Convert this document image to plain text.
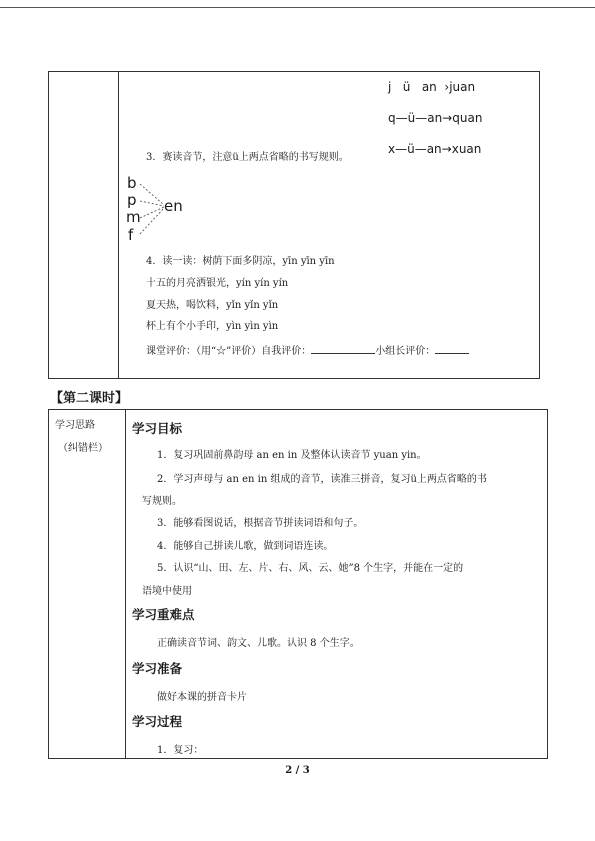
j   ü   an  ›juan
q—ü—an→quan
x—ü—an→xuan
3．赛读音节，注意ü上两点省略的书写规则。
b
p
m
f
en
4．读一读：树荫下面多阴凉，yīn yīn yīn
十五的月亮洒银光，yín yín yín
夏天热，喝饮料，yǐn yǐn yǐn
杯上有个小手印，yìn yìn yìn
课堂评价：（用“☆”评价）自我评价：	小组长评价：
【第二课时】
学习思路
（纠错栏）
学习目标
1．复习巩固前鼻韵母 an en in 及整体认读音节 yuan yin。
2．学习声母与 an en in 组成的音节，读准三拼音，复习ü上两点省略的书
写规则。
3．能够看图说话，根据音节拼读词语和句子。
4．能够自己拼读儿歌，做到词语连读。
5．认识“山、田、左、片、右、风、云、她”8 个生字，并能在一定的
语境中使用
学习重难点
正确读音节词、韵文、儿歌。认识 8 个生字。
学习准备
做好本课的拼音卡片
学习过程
1．复习：
2 / 3
